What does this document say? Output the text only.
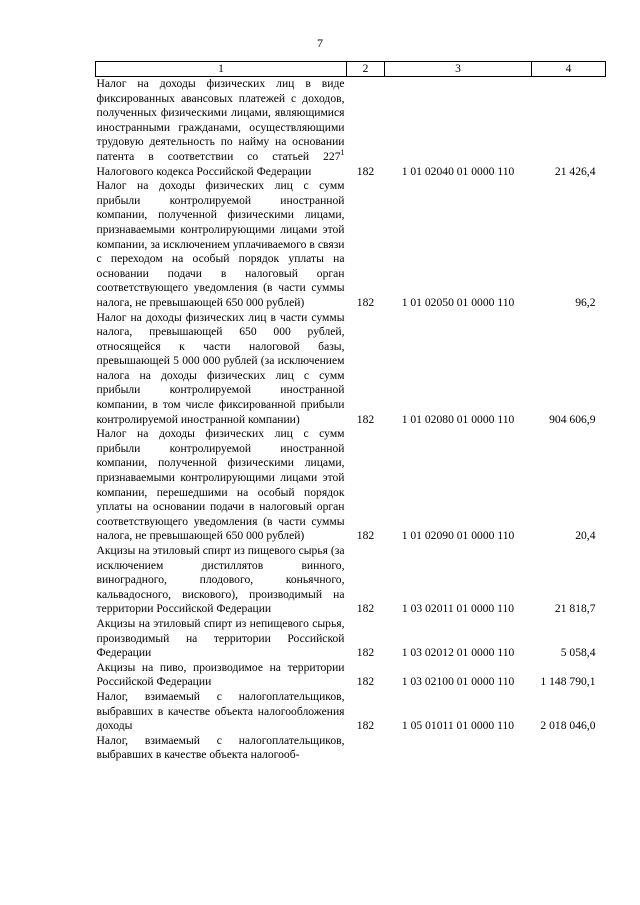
7
1	2	3	4
Налог на доходы физических лиц в виде фиксированных авансовых платежей с доходов, полученных физическими лицами, являющимися иностранными гражданами, осуществляющими трудовую деятельность по найму на основании патента в соответствии со статьей $227^1$ Налогового кодекса Российской Федерации	182	1 01 02040 01 0000 110	21 426,4
Налог на доходы физических лиц с сумм прибыли контролируемой иностранной компании, полученной физическими лицами, признаваемыми контролирующими лицами этой компании, за исключением уплачиваемого в связи с переходом на особый порядок уплаты на основании подачи в налоговый орган соответствующего уведомления (в части суммы налога, не превышающей 650 000 рублей)	182	1 01 02050 01 0000 110	96,2
Налог на доходы физических лиц в части суммы налога, превышающей 650 000 рублей, относящейся к части налоговой базы, превышающей 5 000 000 рублей (за исключением налога на доходы физических лиц с сумм прибыли контролируемой иностранной компании, в том числе фиксированной прибыли контролируемой иностранной компании)	182	1 01 02080 01 0000 110	904 606,9
Налог на доходы физических лиц с сумм прибыли контролируемой иностранной компании, полученной физическими лицами, признаваемыми контролирующими лицами этой компании, перешедшими на особый порядок уплаты на основании подачи в налоговый орган соответствующего уведомления (в части суммы налога, не превышающей 650 000 рублей)	182	1 01 02090 01 0000 110	20,4
Акцизы на этиловый спирт из пищевого сырья (за исключением дистиллятов винного, виноградного, плодового, коньячного, кальвадосного, вискового), производимый на территории Российской Федерации	182	1 03 02011 01 0000 110	21 818,7
Акцизы на этиловый спирт из непищевого сырья, производимый на территории Российской Федерации	182	1 03 02012 01 0000 110	5 058,4
Акцизы на пиво, производимое на территории Российской Федерации	182	1 03 02100 01 0000 110	1 148 790,1
Налог, взимаемый с налогоплательщиков, выбравших в качестве объекта налогообложения доходы	182	1 05 01011 01 0000 110	2 018 046,0
Налог, взимаемый с налогоплательщиков, выбравших в качестве объекта налогооб-			
